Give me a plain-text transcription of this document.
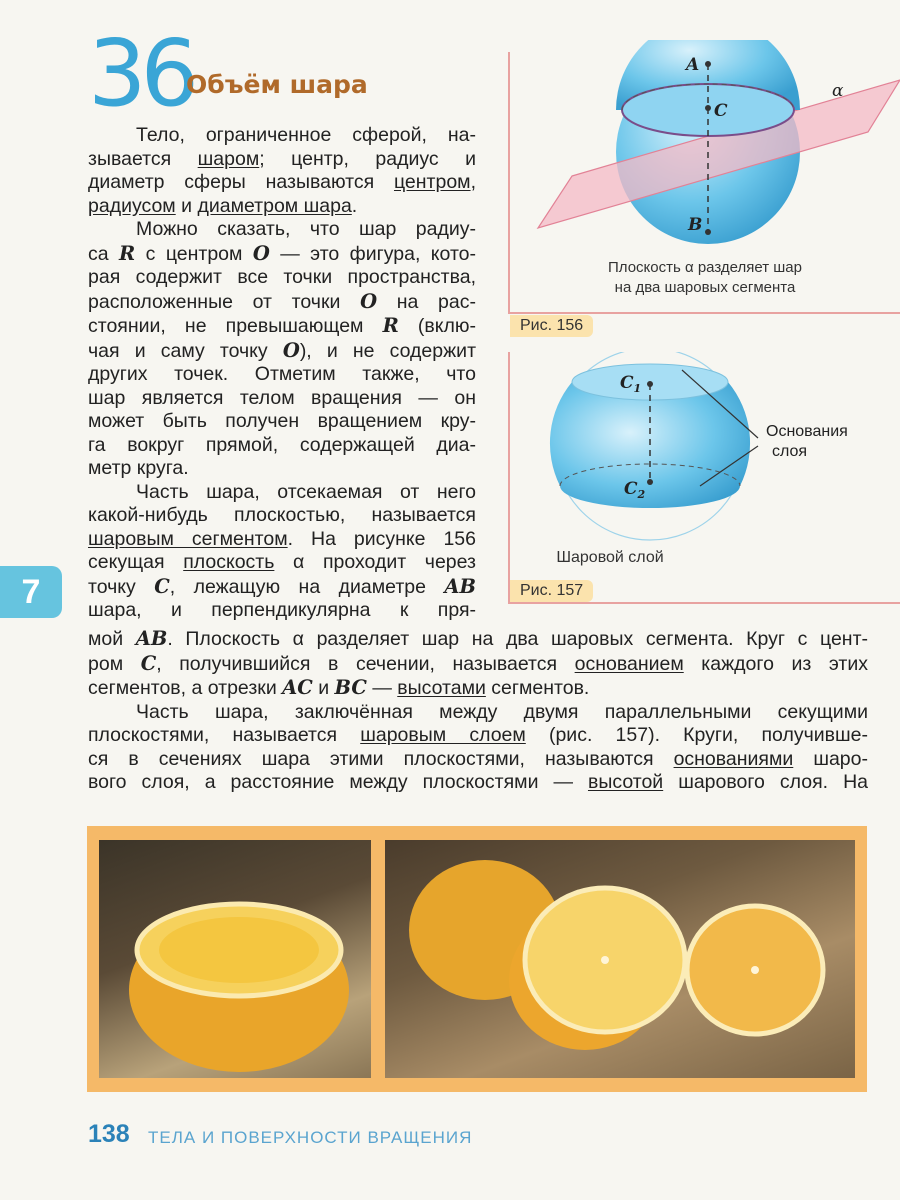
36
Объём шара
Тело, ограниченное сферой, на-
зывается шаром; центр, радиус и
диаметр сферы называются центром,
радиусом и диаметром шара.
Можно сказать, что шар радиу-
са R с центром O — это фигура, кото-
рая содержит все точки пространства,
расположенные от точки O на рас-
стоянии, не превышающем R (вклю-
чая и саму точку O), и не содержит
других точек. Отметим также, что
шар является телом вращения — он
может быть получен вращением кру-
га вокруг прямой, содержащей диа-
метр круга.
Часть шара, отсекаемая от него
какой-нибудь плоскостью, называется
шаровым сегментом. На рисунке 156
секущая плоскость α проходит через
точку C, лежащую на диаметре AB
шара, и перпендикулярна к пря-
мой AB. Плоскость α разделяет шар на два шаровых сегмента. Круг с цент-
ром C, получившийся в сечении, называется основанием каждого из этих
сегментов, а отрезки AC и BC — высотами сегментов.
Часть шара, заключённая между двумя параллельными секущими
плоскостями, называется шаровым слоем (рис. 157). Круги, получивше-
ся в сечениях шара этими плоскостями, называются основаниями шаро-
вого слоя, а расстояние между плоскостями — высотой шарового слоя. На
A
C
B
α
Плоскость α разделяет шар
на два шаровых сегмента
Рис. 156
$C_1$
$C_2$
Основания
слоя
Шаровой слой
Рис. 157
7
138 ТЕЛА И ПОВЕРХНОСТИ ВРАЩЕНИЯ
